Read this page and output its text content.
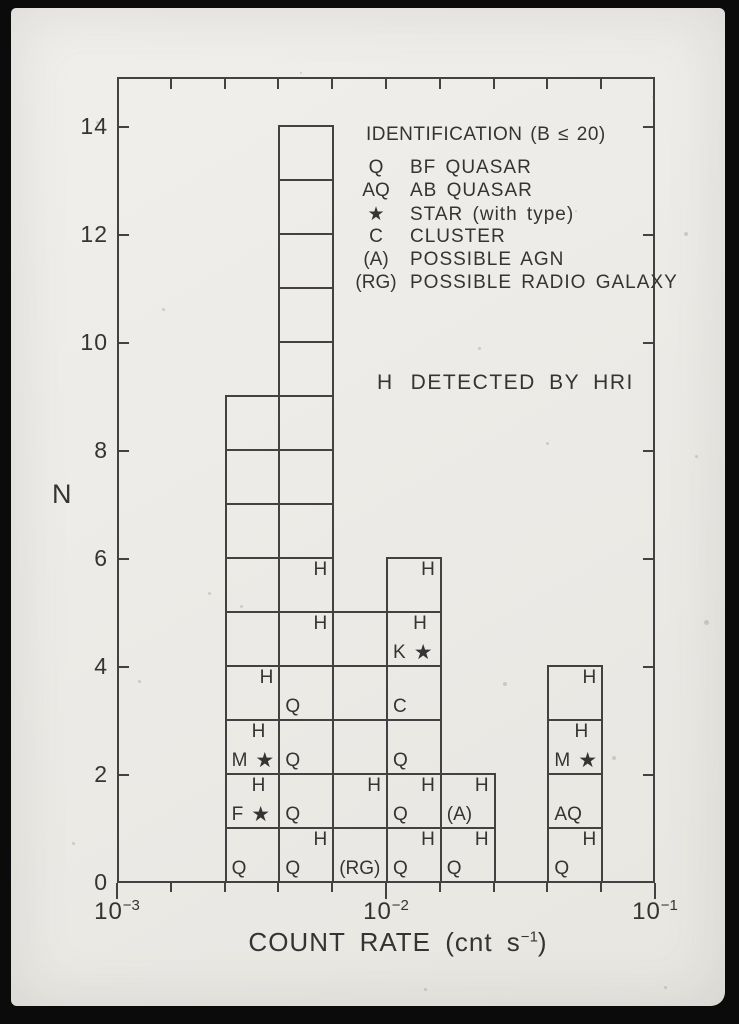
N
COUNT RATE (cnt $s^{-1}$)
IDENTIFICATION (B ≤ 20)
Q	BF QUASAR
AQ	AB QUASAR
★	STAR (with type)
C	CLUSTER
(A)	POSSIBLE AGN
(RG) POSSIBLE RADIO GALAXY
H DETECTED BY HRI
0
2
4
6
8
10
12
14
$10^{-3}$	$10^{-2}$	$10^{-1}$
Q
H
F ★
H
M ★
H
H
Q
Q
Q
Q
H
H
(RG)
H
H
Q
H
Q
Q
C
H
K ★
H
H
Q
H
(A)
H
Q
AQ
H
M ★
H
